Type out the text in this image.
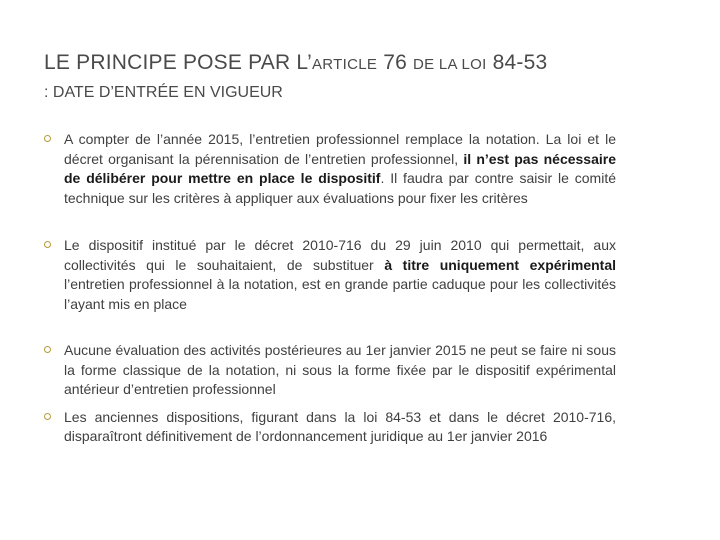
LE PRINCIPE POSE PAR L’ARTICLE 76 DE LA LOI 84-53
: DATE D’ENTRÉE EN VIGUEUR
A compter de l’année 2015, l’entretien professionnel remplace la notation. La loi et le décret organisant la pérennisation de l’entretien professionnel, il n’est pas nécessaire de délibérer pour mettre en place le dispositif. Il faudra par contre saisir le comité technique sur les critères à appliquer aux évaluations pour fixer les critères
Le dispositif institué par le décret 2010-716 du 29 juin 2010 qui permettait, aux collectivités qui le souhaitaient, de substituer à titre uniquement expérimental l’entretien professionnel à la notation, est en grande partie caduque pour les collectivités l’ayant mis en place
Aucune évaluation des activités postérieures au 1er janvier 2015 ne peut se faire ni sous la forme classique de la notation, ni sous la forme fixée par le dispositif expérimental antérieur d’entretien professionnel
Les anciennes dispositions, figurant dans la loi 84-53 et dans le décret 2010-716, disparaîtront définitivement de l’ordonnancement juridique au 1er janvier 2016
